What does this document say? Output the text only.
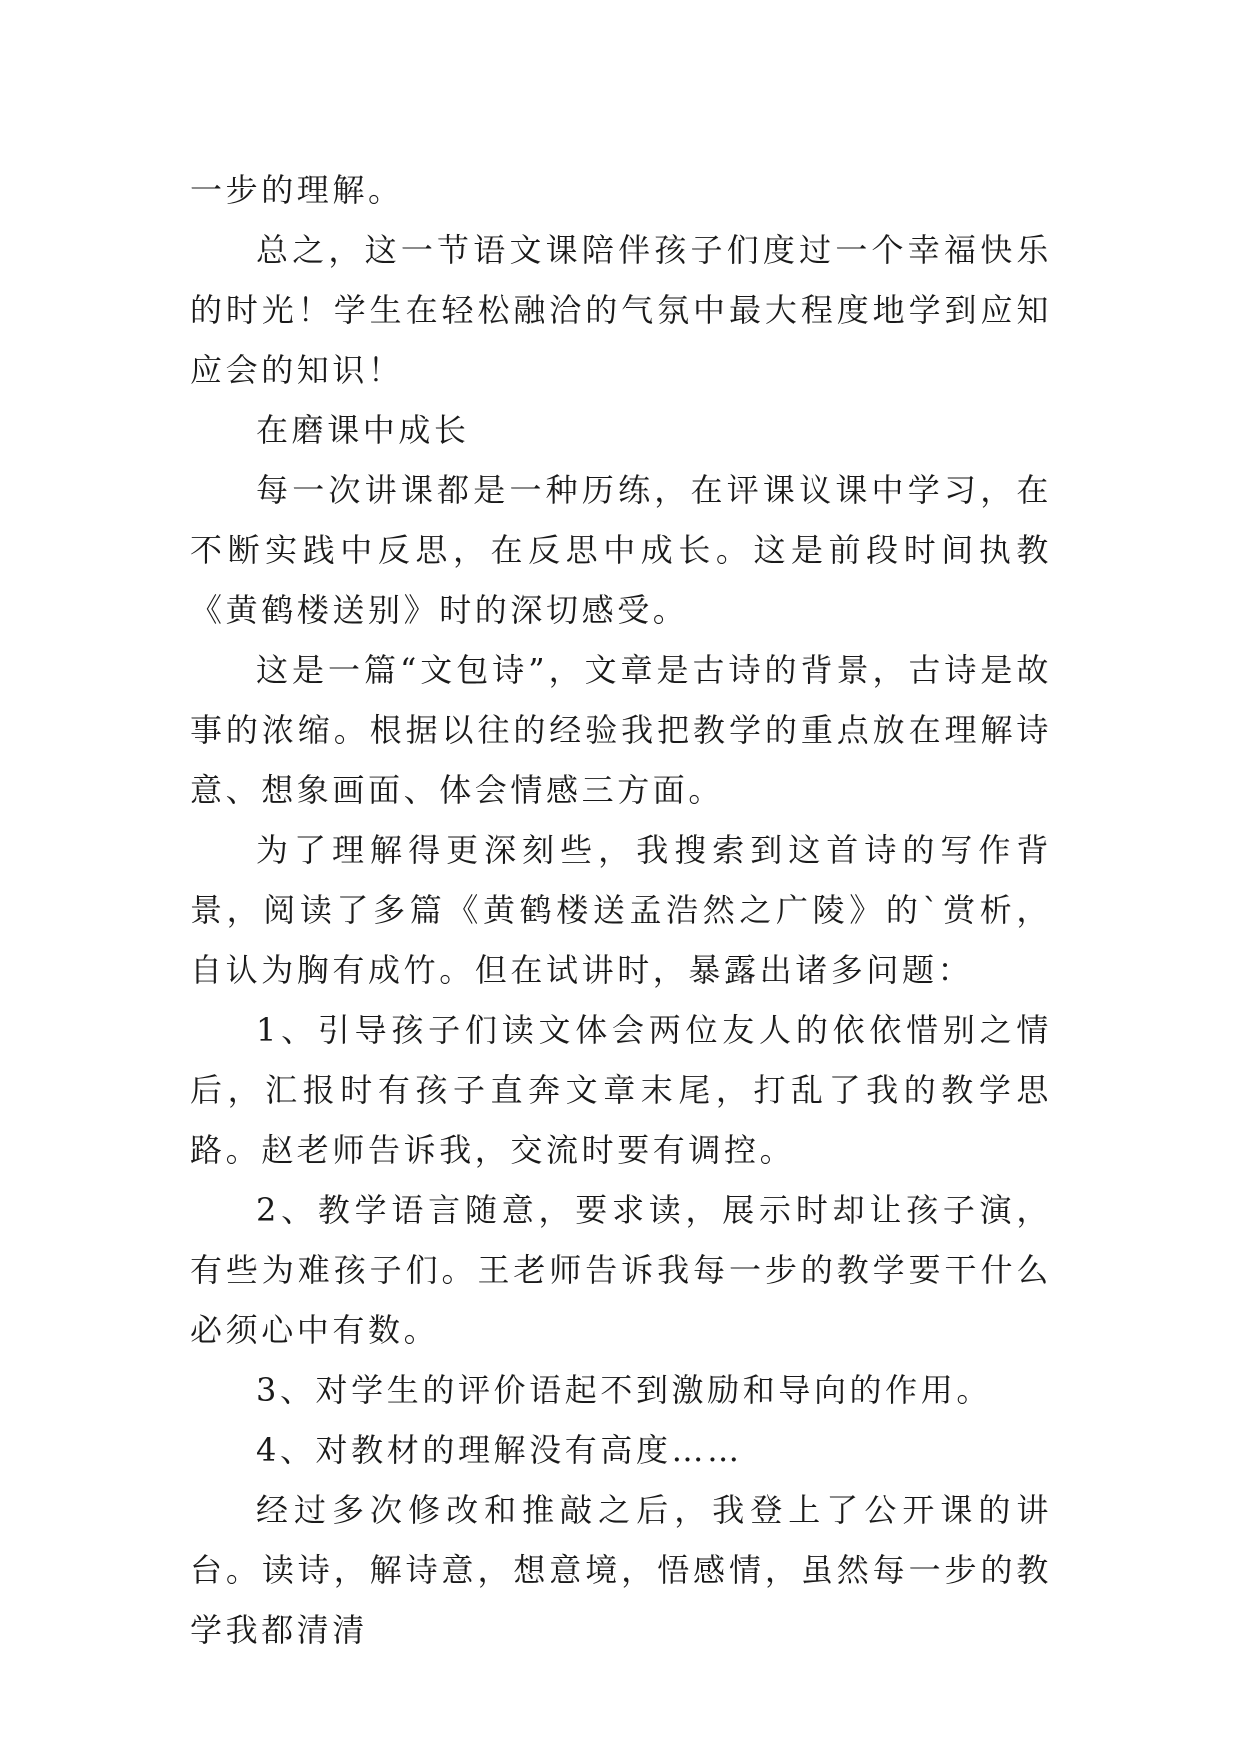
一步的理解。

总之，这一节语文课陪伴孩子们度过一个幸福快乐的时光！学生在轻松融洽的气氛中最大程度地学到应知应会的知识！

在磨课中成长

每一次讲课都是一种历练，在评课议课中学习，在不断实践中反思，在反思中成长。这是前段时间执教《黄鹤楼送别》时的深切感受。

这是一篇“文包诗”，文章是古诗的背景，古诗是故事的浓缩。根据以往的经验我把教学的重点放在理解诗意、想象画面、体会情感三方面。

为了理解得更深刻些，我搜索到这首诗的写作背景，阅读了多篇《黄鹤楼送孟浩然之广陵》的`赏析，自认为胸有成竹。但在试讲时，暴露出诸多问题：

1、引导孩子们读文体会两位友人的依依惜别之情后，汇报时有孩子直奔文章末尾，打乱了我的教学思路。赵老师告诉我，交流时要有调控。

2、教学语言随意，要求读，展示时却让孩子演，有些为难孩子们。王老师告诉我每一步的教学要干什么必须心中有数。

3、对学生的评价语起不到激励和导向的作用。

4、对教材的理解没有高度……

经过多次修改和推敲之后，我登上了公开课的讲台。读诗，解诗意，想意境，悟感情，虽然每一步的教学我都清清
